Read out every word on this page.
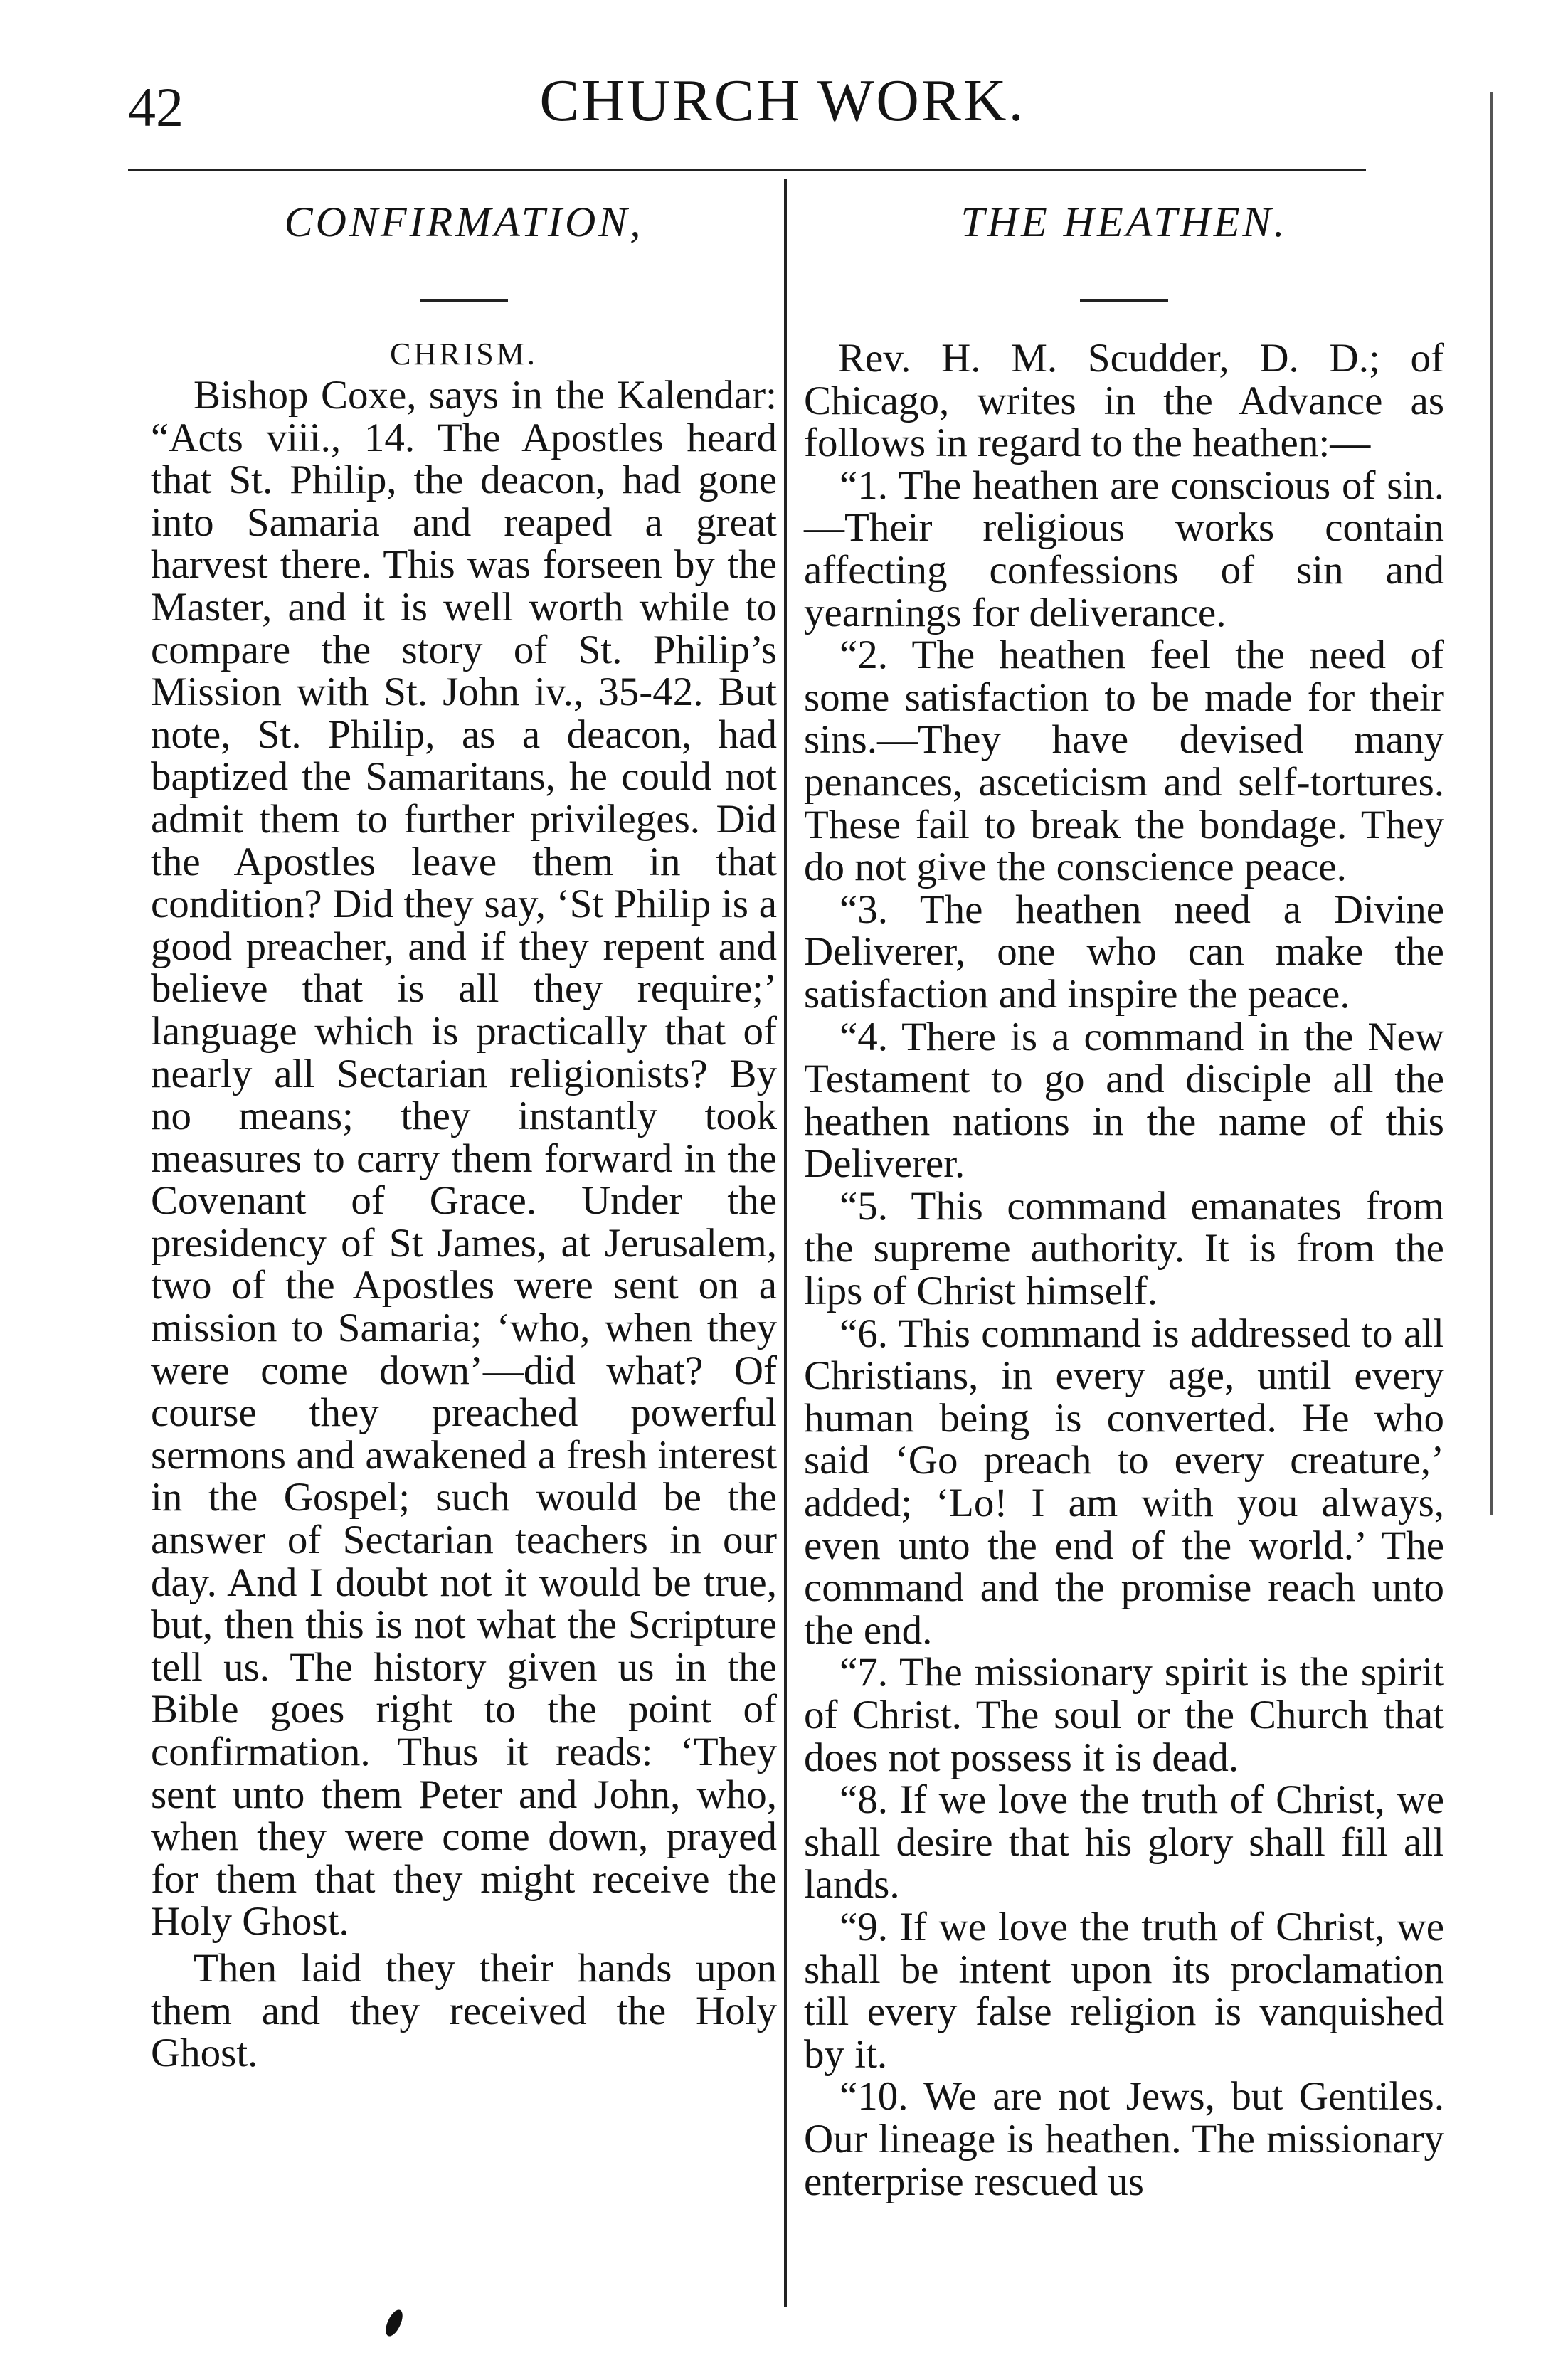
42	CHURCH WORK.
CONFIRMATION,
CHRISM.

Bishop Coxe, says in the Kalendar: “Acts viii., 14. The Apostles heard that St. Philip, the deacon, had gone into Samaria and reaped a great harvest there. This was forseen by the Master, and it is well worth while to compare the story of St. Philip’s Mission with St. John iv., 35-42. But note, St. Philip, as a deacon, had baptized the Samaritans, he could not admit them to further privileges. Did the Apostles leave them in that condition? Did they say, ‘St Philip is a good preacher, and if they repent and believe that is all they require;’ language which is practically that of nearly all Sectarian religionists? By no means; they instantly took measures to carry them forward in the Covenant of Grace. Under the presidency of St James, at Jerusalem, two of the Apostles were sent on a mission to Samaria; ‘who, when they were come down’—did what? Of course they preached powerful sermons and awakened a fresh interest in the Gospel; such would be the answer of Sectarian teachers in our day. And I doubt not it would be true, but, then this is not what the Scripture tell us. The history given us in the Bible goes right to the point of confirmation. Thus it reads: ‘They sent unto them Peter and John, who, when they were come down, prayed for them that they might receive the Holy Ghost.

Then laid they their hands upon them and they received the Holy Ghost.

THE HEATHEN.

Rev. H. M. Scudder, D. D.; of Chicago, writes in the Advance as follows in regard to the heathen:—

“1. The heathen are conscious of sin.—Their religious works contain affecting confessions of sin and yearnings for deliverance.

“2. The heathen feel the need of some satisfaction to be made for their sins.—They have devised many penances, asceticism and self-tortures. These fail to break the bondage. They do not give the conscience peace.

“3. The heathen need a Divine Deliverer, one who can make the satisfaction and inspire the peace.

“4. There is a command in the New Testament to go and disciple all the heathen nations in the name of this Deliverer.

“5. This command emanates from the supreme authority. It is from the lips of Christ himself.

“6. This command is addressed to all Christians, in every age, until every human being is converted. He who said ‘Go preach to every creature,’ added; ‘Lo! I am with you always, even unto the end of the world.’ The command and the promise reach unto the end.

“7. The missionary spirit is the spirit of Christ. The soul or the Church that does not possess it is dead.

“8. If we love the truth of Christ, we shall desire that his glory shall fill all lands.

“9. If we love the truth of Christ, we shall be intent upon its proclamation till every false religion is vanquished by it.

“10. We are not Jews, but Gentiles. Our lineage is heathen. The missionary enterprise rescued us
